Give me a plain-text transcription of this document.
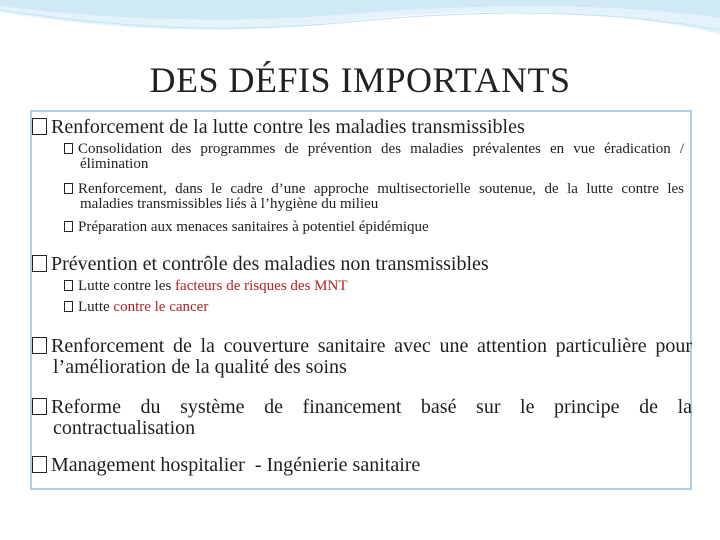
DES DÉFIS IMPORTANTS
Renforcement de la lutte contre les maladies transmissibles
Consolidation des programmes de prévention des maladies prévalentes en vue éradication / élimination
Renforcement, dans le cadre d’une approche multisectorielle soutenue, de la lutte contre les maladies transmissibles liés à l’hygiène du milieu
Préparation aux menaces sanitaires à potentiel épidémique
Prévention et contrôle des maladies non transmissibles
Lutte contre les facteurs de risques des MNT
Lutte contre le cancer
Renforcement de la couverture sanitaire avec une attention particulière pour l’amélioration de la qualité des soins
Reforme du système de financement basé sur le principe de la contractualisation
Management hospitalier  - Ingénierie sanitaire
